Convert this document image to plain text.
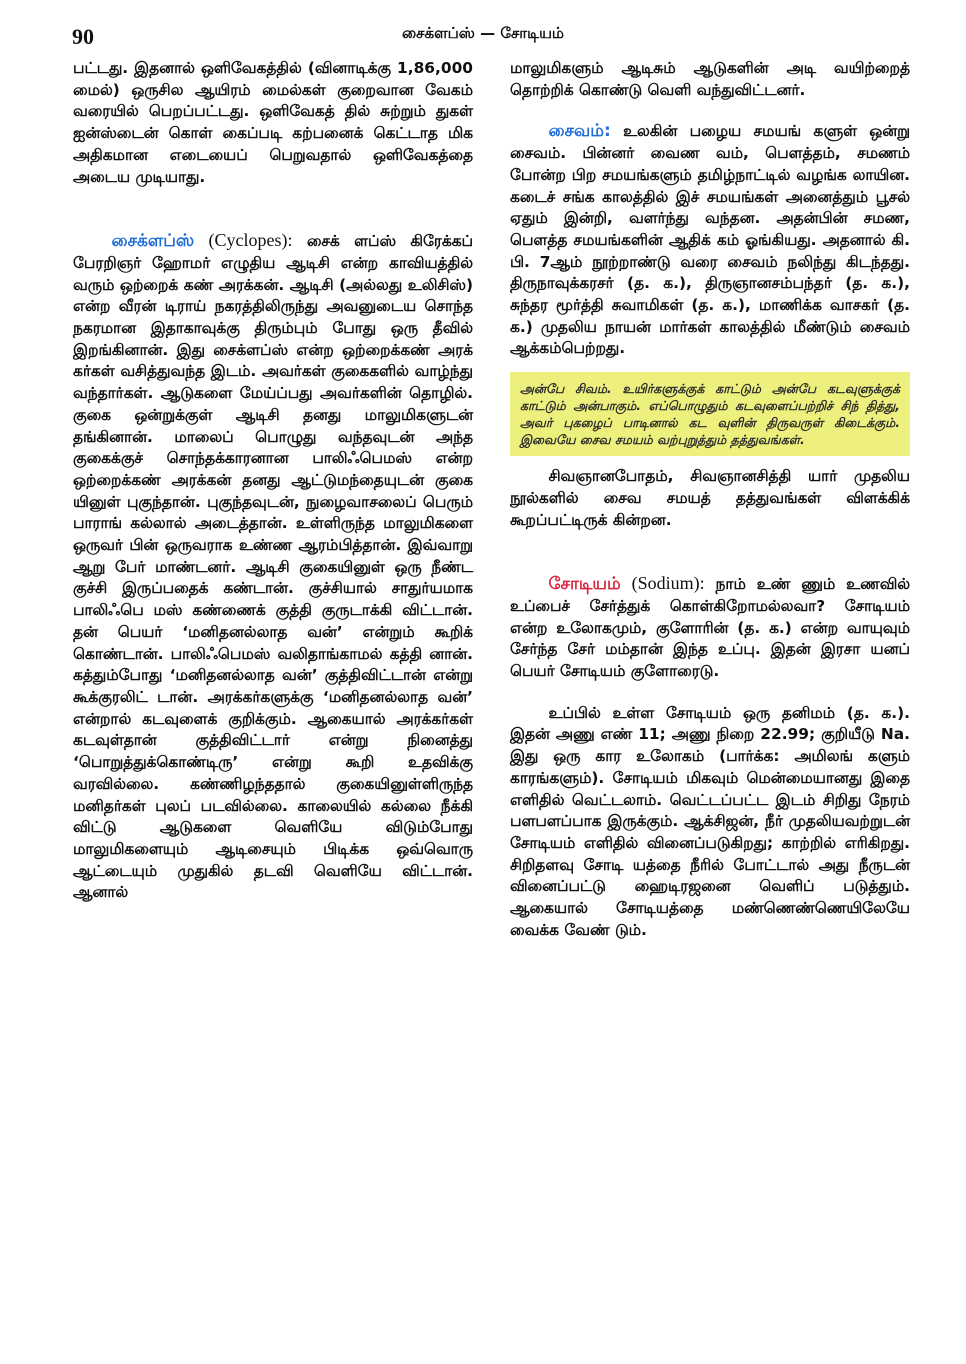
90	சைக்ளப்ஸ் — சோடியம்

பட்டது. இதனால் ஒளிவேகத்தில் (வினாடிக்கு 1,86,000 மைல்) ஒருசில ஆயிரம் மைல்கள் குறைவான வேகம் வரையில் பெறப்பட்டது. ஒளிவேகத் தில் சுற்றும் துகள் ஐன்ஸ்டைன் கொள் கைப்படி கற்பனைக் கெட்டாத மிக அதிகமான எடையைப் பெறுவதால் ஒளிவேகத்தை அடைய முடியாது.

சைக்ளப்ஸ் (Cyclopes): சைக் ளப்ஸ் கிரேக்கப் பேரறிஞர் ஹோமர் எழுதிய ஆடிசி என்ற காவியத்தில் வரும் ஒற்றைக் கண் அரக்கன். ஆடிசி (அல்லது உலிசிஸ்) என்ற வீரன் டிராய் நகரத்திலிருந்து அவனுடைய சொந்த நகரமான இதாகாவுக்கு திரும்பும் போது ஒரு தீவில் இறங்கினான். இது சைக்ளப்ஸ் என்ற ஒற்றைக்கண் அரக் கர்கள் வசித்துவந்த இடம். அவர்கள் குகைகளில் வாழ்ந்து வந்தார்கள். ஆடுகளை மேய்ப்பது அவர்களின் தொழில். குகை ஒன்றுக்குள் ஆடிசி தனது மாலுமிகளுடன் தங்கினான். மாலைப் பொழுது வந்தவுடன் அந்த குகைக்குச் சொந்தக்காரனான பாலிஃபெமஸ் என்ற ஒற்றைக்கண் அரக்கன் தனது ஆட்டுமந்தையுடன் குகை யினுள் புகுந்தான். புகுந்தவுடன், நுழைவாசலைப் பெரும் பாராங் கல்லால் அடைத்தான். உள்ளிருந்த மாலுமிகளை ஒருவர் பின் ஒருவராக உண்ண ஆரம்பித்தான். இவ்வாறு ஆறு பேர் மாண்டனர். ஆடிசி குகையினுள் ஒரு நீண்ட குச்சி இருப்பதைக் கண்டான். குச்சியால் சாதுர்யமாக பாலிஃபெ மஸ் கண்ணைக் குத்தி குருடாக்கி விட்டான். தன் பெயர் ‘மனிதனல்லாத வன்’ என்றும் கூறிக் கொண்டான். பாலிஃபெமஸ் வலிதாங்காமல் கத்தி னான். கத்தும்போது ‘மனிதனல்லாத வன்’ குத்திவிட்டான் என்று கூக்குரலிட் டான். அரக்கர்களுக்கு ‘மனிதனல்லாத வன்’ என்றால் கடவுளைக் குறிக்கும். ஆகையால் அரக்கர்கள் கடவுள்தான் குத்திவிட்டார் என்று நினைத்து ‘பொறுத்துக்கொண்டிரு’ என்று கூறி உதவிக்கு வரவில்லை. கண்ணிழந்ததால் குகையினுள்ளிருந்த மனிதர்கள் புலப் படவில்லை. காலையில் கல்லை நீக்கி விட்டு ஆடுகளை வெளியே விடும்போது மாலுமிகளையும் ஆடிசையும் பிடிக்க ஒவ்வொரு ஆட்டையும் முதுகில் தடவி வெளியே விட்டான். ஆனால்

மாலுமிகளும் ஆடிசும் ஆடுகளின் அடி வயிற்றைத் தொற்றிக் கொண்டு வெளி வந்துவிட்டனர்.

சைவம்: உலகின் பழைய சமயங் களுள் ஒன்று சைவம். பின்னர் வைண வம், பௌத்தம், சமணம் போன்ற பிற சமயங்களும் தமிழ்நாட்டில் வழங்க லாயின. கடைச் சங்க காலத்தில் இச் சமயங்கள் அனைத்தும் பூசல் ஏதும் இன்றி, வளர்ந்து வந்தன. அதன்பின் சமண, பௌத்த சமயங்களின் ஆதிக் கம் ஓங்கியது. அதனால் கி. பி. 7ஆம் நூற்றாண்டு வரை சைவம் நலிந்து கிடந்தது. திருநாவுக்கரசர் (த. க.), திருஞானசம்பந்தர் (த. க.), சுந்தர மூர்த்தி சுவாமிகள் (த. க.), மாணிக்க வாசகர் (த. க.) முதலிய நாயன் மார்கள் காலத்தில் மீண்டும் சைவம் ஆக்கம்பெற்றது.

அன்பே சிவம். உயிர்களுக்குக் காட்டும் அன்பே கடவுளுக்குக் காட்டும் அன்பாகும். எப்பொழுதும் கடவுளைப்பற்றிச் சிந் தித்து, அவர் புகழைப் பாடினால் கட வுளின் திருவருள் கிடைக்கும். இவையே சைவ சமயம் வற்புறுத்தும் தத்துவங்கள்.

சிவஞானபோதம், சிவஞானசித்தி யார் முதலிய நூல்களில் சைவ சமயத் தத்துவங்கள் விளக்கிக் கூறப்பட்டிருக் கின்றன.

சோடியம் (Sodium): நாம் உண் ணும் உணவில் உப்பைச் சேர்த்துக் கொள்கிறோமல்லவா? சோடியம் என்ற உலோகமும், குளோரின் (த. க.) என்ற வாயுவும் சேர்ந்த சேர் மம்தான் இந்த உப்பு. இதன் இரசா யனப் பெயர் சோடியம் குளோரைடு.

உப்பில் உள்ள சோடியம் ஒரு தனிமம் (த. க.). இதன் அணு எண் 11; அணு நிறை 22.99; குறியீடு Na. இது ஒரு கார உலோகம் (பார்க்க: அமிலங் களும் காரங்களும்). சோடியம் மிகவும் மென்மையானது இதை எளிதில் வெட்டலாம். வெட்டப்பட்ட இடம் சிறிது நேரம் பளபளப்பாக இருக்கும். ஆக்சிஜன், நீர் முதலியவற்றுடன் சோடியம் எளிதில் வினைப்படுகிறது; காற்றில் எரிகிறது. சிறிதளவு சோடி யத்தை நீரில் போட்டால் அது நீருடன் வினைப்பட்டு ஹைடிரஜனை வெளிப் படுத்தும். ஆகையால் சோடியத்தை மண்ணெண்ணெயிலேயே வைக்க வேண் டும்.
